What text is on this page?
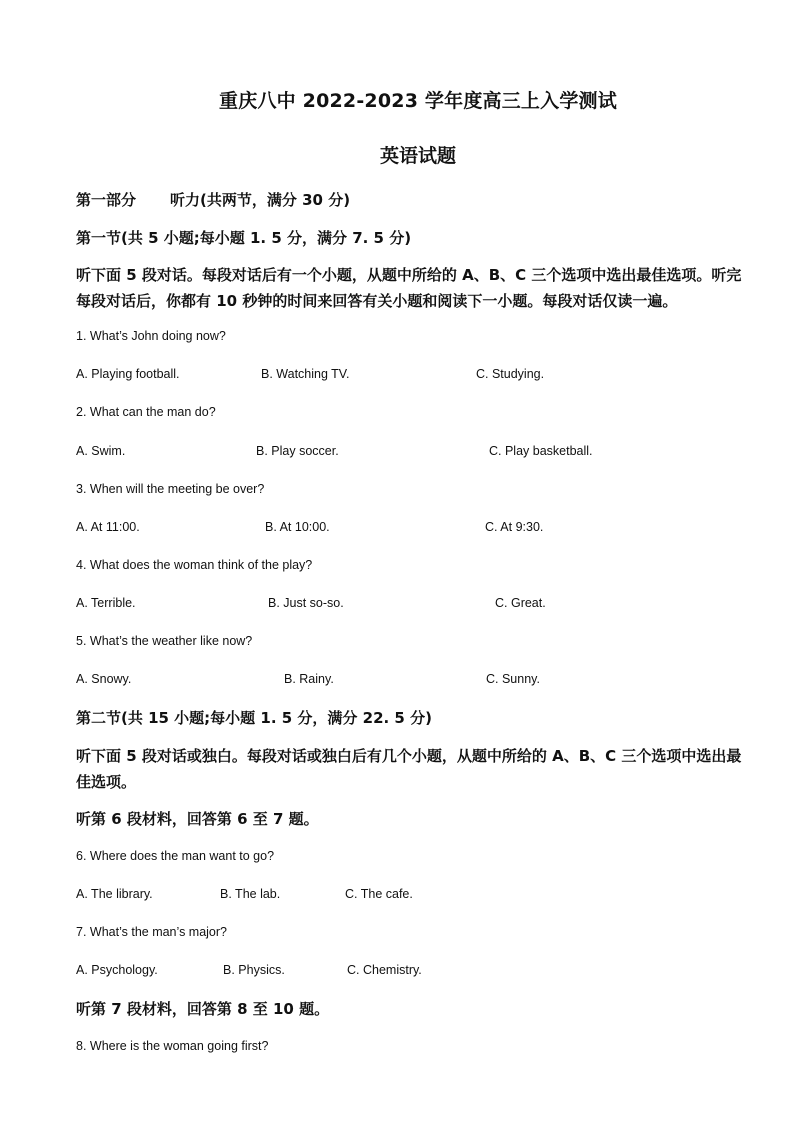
重庆八中 2022-2023 学年度高三上入学测试
英语试题
第一部分 听力(共两节，满分 30 分)
第一节(共 5 小题;每小题 1. 5 分，满分 7. 5 分)
听下面 5 段对话。每段对话后有一个小题，从题中所给的 A、B、C 三个选项中选出最佳选项。听完每段对话后，你都有 10 秒钟的时间来回答有关小题和阅读下一小题。每段对话仅读一遍。
1. What’s John doing now?
A. Playing football.	B. Watching TV.	C. Studying.
2. What can the man do?
A. Swim.	B. Play soccer.	C. Play basketball.
3. When will the meeting be over?
A. At 11:00.	B. At 10:00.	C. At 9:30.
4. What does the woman think of the play?
A. Terrible.	B. Just so-so.	C. Great.
5. What’s the weather like now?
A. Snowy.	B. Rainy.	C. Sunny.
第二节(共 15 小题;每小题 1. 5 分，满分 22. 5 分)
听下面 5 段对话或独白。每段对话或独白后有几个小题，从题中所给的 A、B、C 三个选项中选出最佳选项。
听第 6 段材料，回答第 6 至 7 题。
6. Where does the man want to go?
A. The library.	B. The lab.	C. The cafe.
7. What’s the man’s major?
A. Psychology.	B. Physics.	C. Chemistry.
听第 7 段材料，回答第 8 至 10 题。
8. Where is the woman going first?
